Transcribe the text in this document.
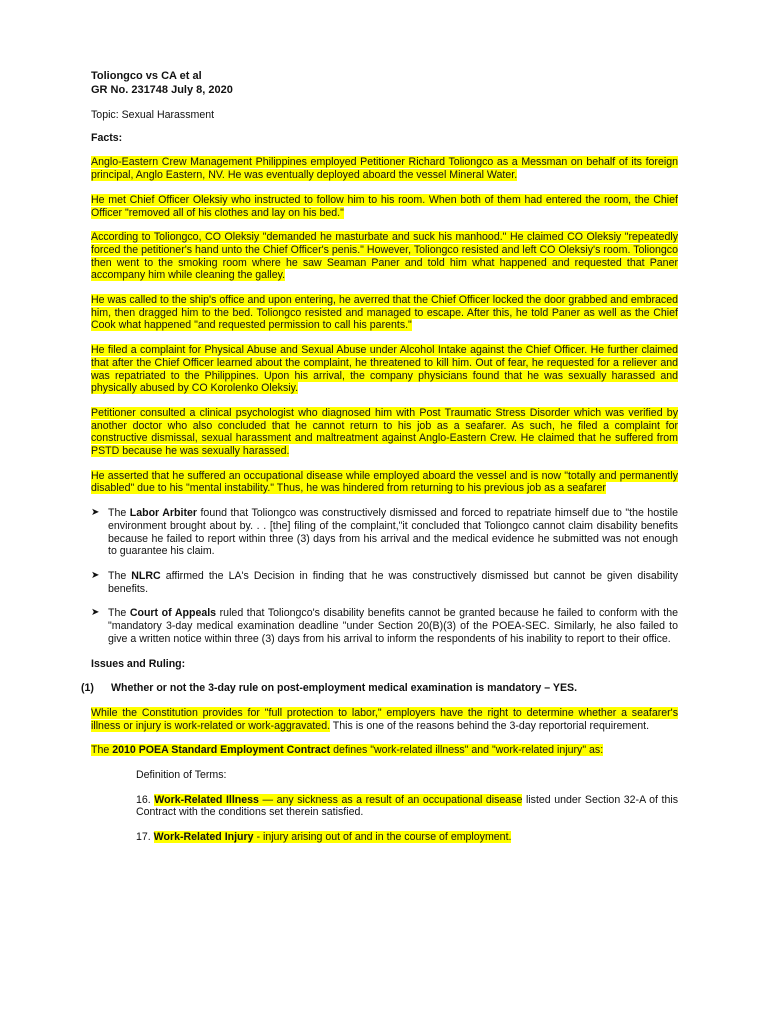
Toliongco vs CA et al
GR No. 231748 July 8, 2020

Topic: Sexual Harassment

Facts:

Anglo-Eastern Crew Management Philippines employed Petitioner Richard Toliongco as a Messman on behalf of its foreign principal, Anglo Eastern, NV. He was eventually deployed aboard the vessel Mineral Water.

He met Chief Officer Oleksiy who instructed to follow him to his room. When both of them had entered the room, the Chief Officer "removed all of his clothes and lay on his bed."

According to Toliongco, CO Oleksiy "demanded he masturbate and suck his manhood." He claimed CO Oleksiy "repeatedly forced the petitioner's hand unto the Chief Officer's penis." However, Toliongco resisted and left CO Oleksiy's room. Toliongco then went to the smoking room where he saw Seaman Paner and told him what happened and requested that Paner accompany him while cleaning the galley.

He was called to the ship's office and upon entering, he averred that the Chief Officer locked the door grabbed and embraced him, then dragged him to the bed. Toliongco resisted and managed to escape. After this, he told Paner as well as the Chief Cook what happened "and requested permission to call his parents."

He filed a complaint for Physical Abuse and Sexual Abuse under Alcohol Intake against the Chief Officer. He further claimed that after the Chief Officer learned about the complaint, he threatened to kill him. Out of fear, he requested for a reliever and was repatriated to the Philippines. Upon his arrival, the company physicians found that he was sexually harassed and physically abused by CO Korolenko Oleksiy.

Petitioner consulted a clinical psychologist who diagnosed him with Post Traumatic Stress Disorder which was verified by another doctor who also concluded that he cannot return to his job as a seafarer. As such, he filed a complaint for constructive dismissal, sexual harassment and maltreatment against Anglo-Eastern Crew. He claimed that he suffered from PSTD because he was sexually harassed.

He asserted that he suffered an occupational disease while employed aboard the vessel and is now "totally and permanently disabled" due to his "mental instability." Thus, he was hindered from returning to his previous job as a seafarer

➤ The Labor Arbiter found that Toliongco was constructively dismissed and forced to repatriate himself due to "the hostile environment brought about by. . . [the] filing of the complaint,"it concluded that Toliongco cannot claim disability benefits because he failed to report within three (3) days from his arrival and the medical evidence he submitted was not enough to guarantee his claim.
➤ The NLRC affirmed the LA's Decision in finding that he was constructively dismissed but cannot be given disability benefits.
➤ The Court of Appeals ruled that Toliongco's disability benefits cannot be granted because he failed to conform with the "mandatory 3-day medical examination deadline "under Section 20(B)(3) of the POEA-SEC. Similarly, he also failed to give a written notice within three (3) days from his arrival to inform the respondents of his inability to report to their office.

Issues and Ruling:

(1) Whether or not the 3-day rule on post-employment medical examination is mandatory – YES.

While the Constitution provides for "full protection to labor," employers have the right to determine whether a seafarer's illness or injury is work-related or work-aggravated. This is one of the reasons behind the 3-day reportorial requirement.

The 2010 POEA Standard Employment Contract defines "work-related illness" and "work-related injury" as:

Definition of Terms:

16. Work-Related Illness — any sickness as a result of an occupational disease listed under Section 32-A of this Contract with the conditions set therein satisfied.

17. Work-Related Injury - injury arising out of and in the course of employment.
